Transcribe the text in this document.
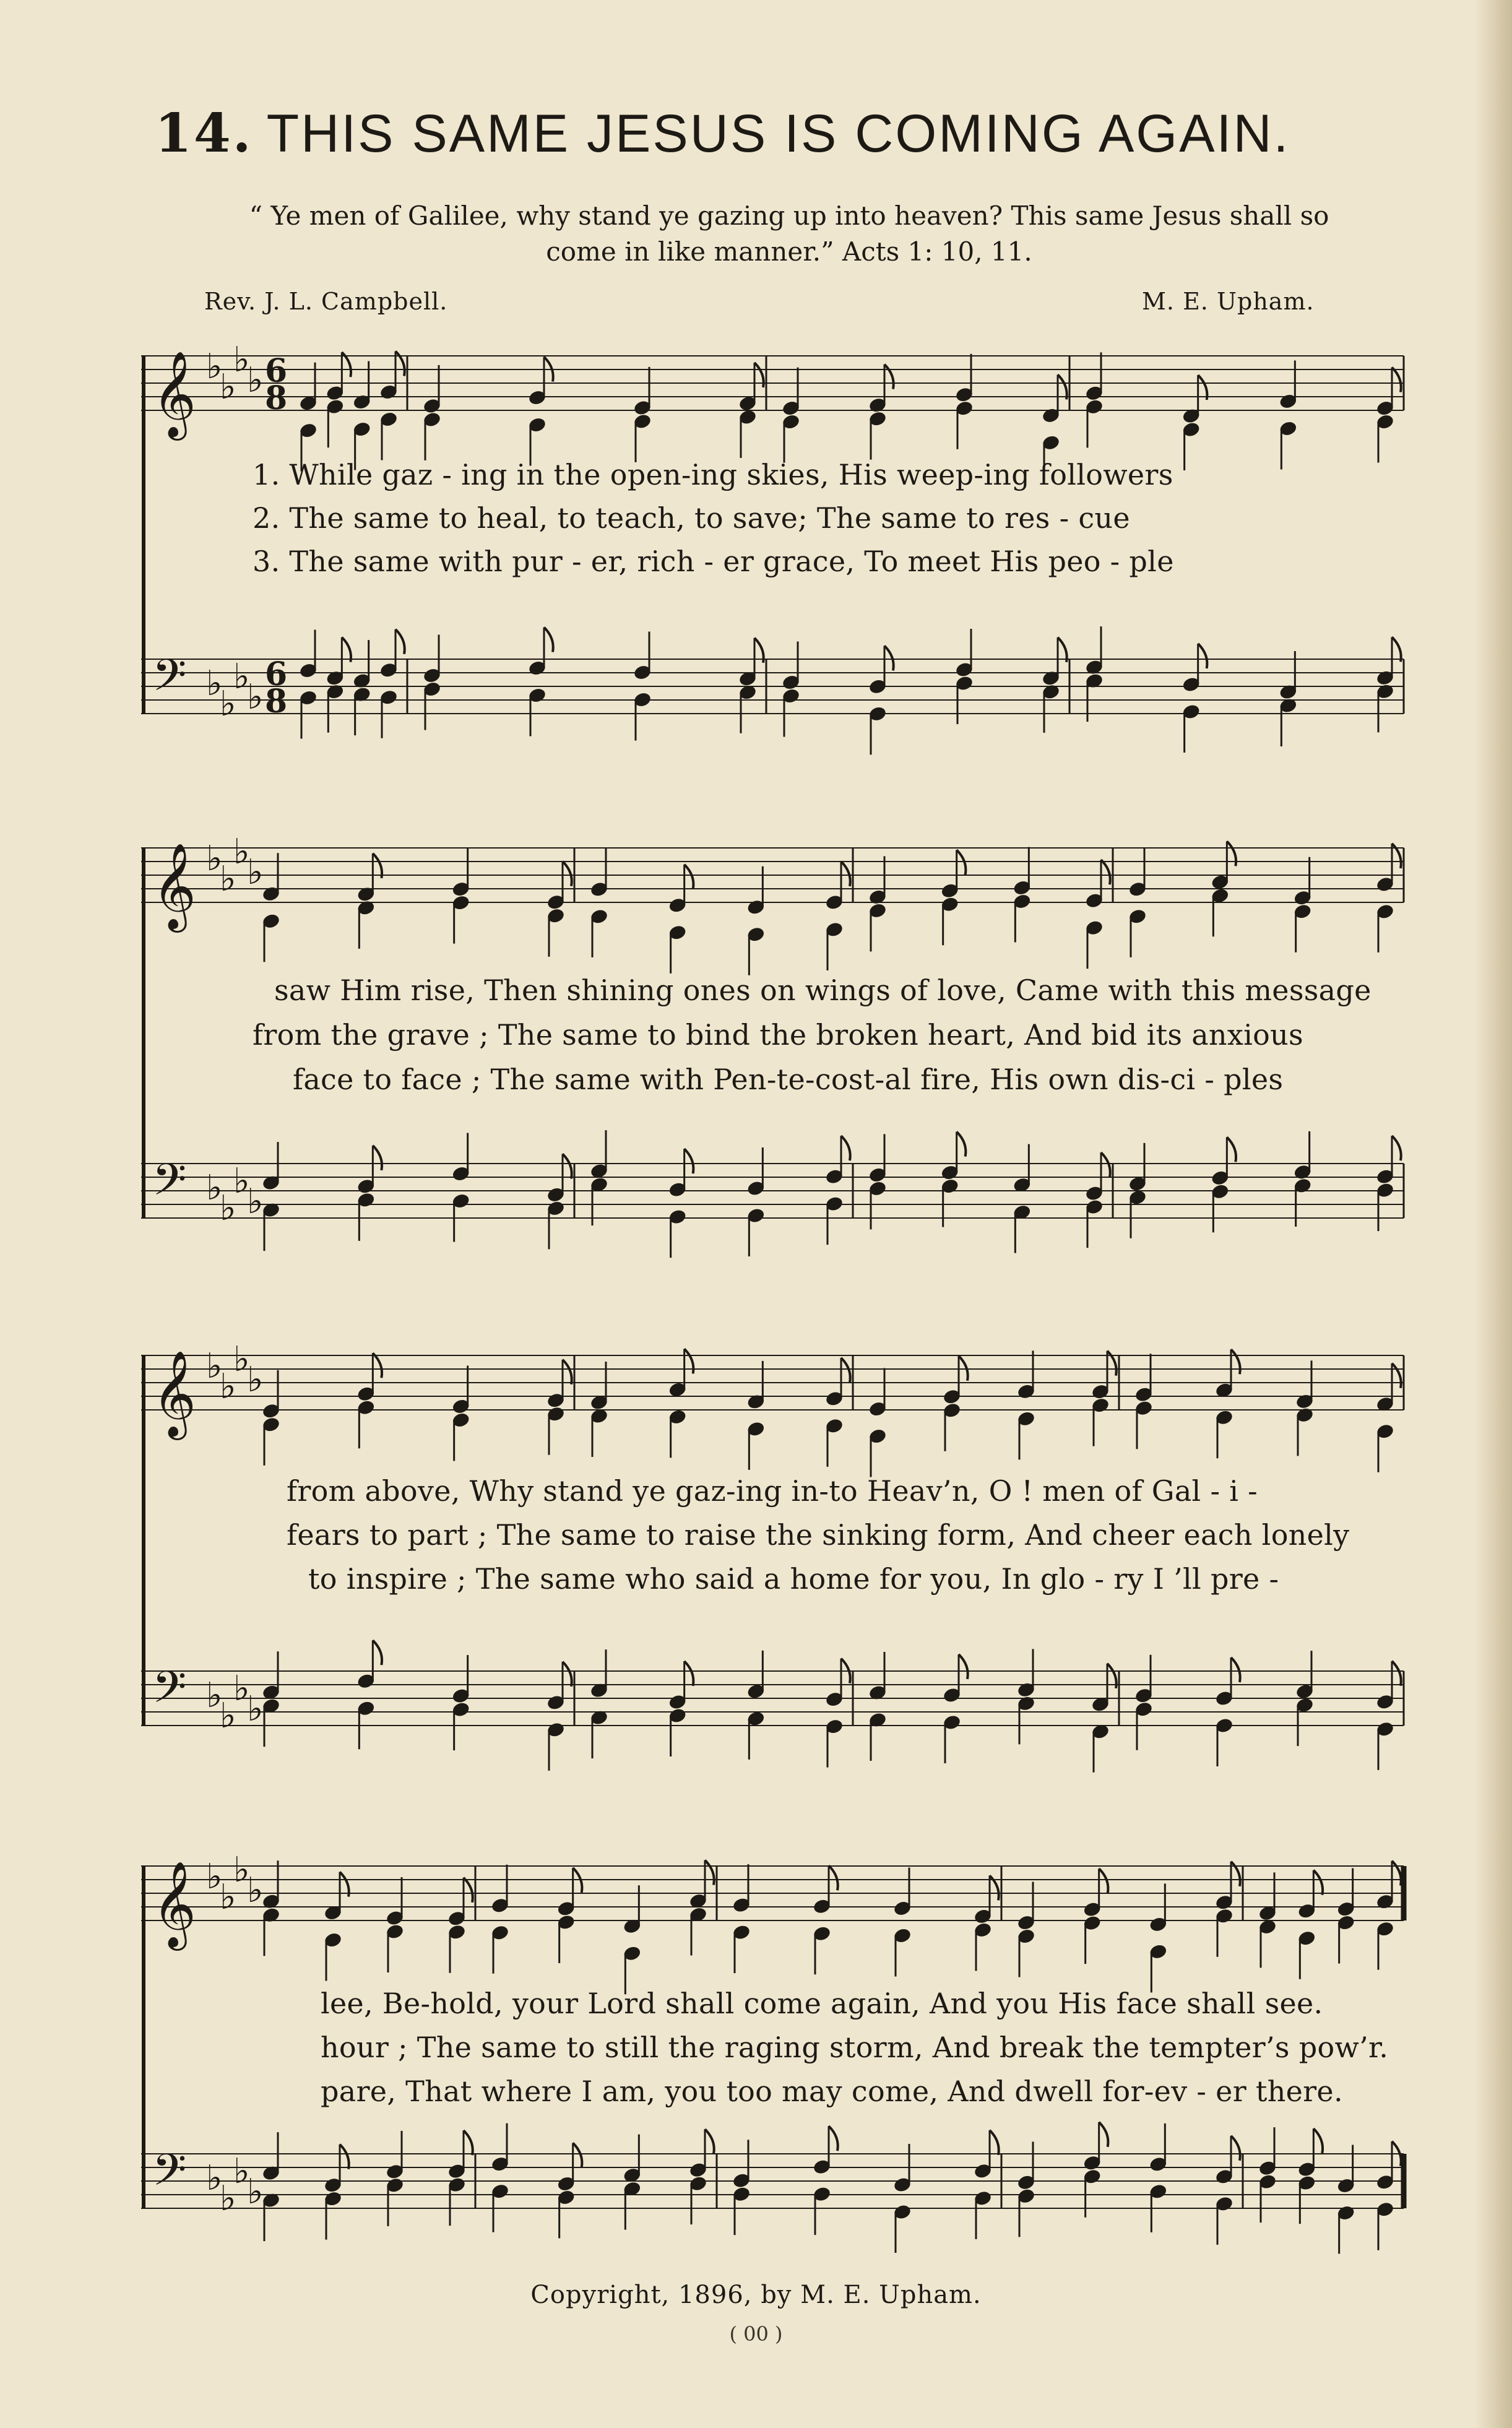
14. THIS SAME JESUS IS COMING AGAIN.
“ Ye men of Galilee, why stand ye gazing up into heaven? This same Jesus shall so
come in like manner.” Acts 1: 10, 11.
Rev. J. L. Campbell.	M. E. Upham.
𝄞 ♭
♭
♭
♭ 6
8
𝄢 ♭
♭
♭
♭
6
8
1. While gaz - ing in the open-ing skies, His weep-ing followers
2. The same to heal, to teach, to save; The same to res - cue
3. The same with pur - er, rich - er grace, To meet His peo - ple
𝄞 ♭
♭
♭
♭
𝄢 ♭
♭
♭
♭
saw Him rise, Then shining ones on wings of love, Came with this message
from the grave ; The same to bind the broken heart, And bid its anxious
face to face ; The same with Pen-te-cost-al fire, His own dis-ci - ples
𝄞 ♭
♭
♭
♭
𝄢 ♭
♭
♭
♭
from above, Why stand ye gaz-ing in-to Heav’n, O ! men of Gal - i -
fears to part ; The same to raise the sinking form, And cheer each lonely
to inspire ; The same who said a home for you, In glo - ry I ’ll pre -
𝄞 ♭
♭
♭
♭
𝄢 ♭
♭
♭
♭
lee, Be-hold, your Lord shall come again, And you His face shall see.
hour ; The same to still the raging storm, And break the tempter’s pow’r.
pare, That where I am, you too may come, And dwell for-ev - er there.
Copyright, 1896, by M. E. Upham.
( 00 )
